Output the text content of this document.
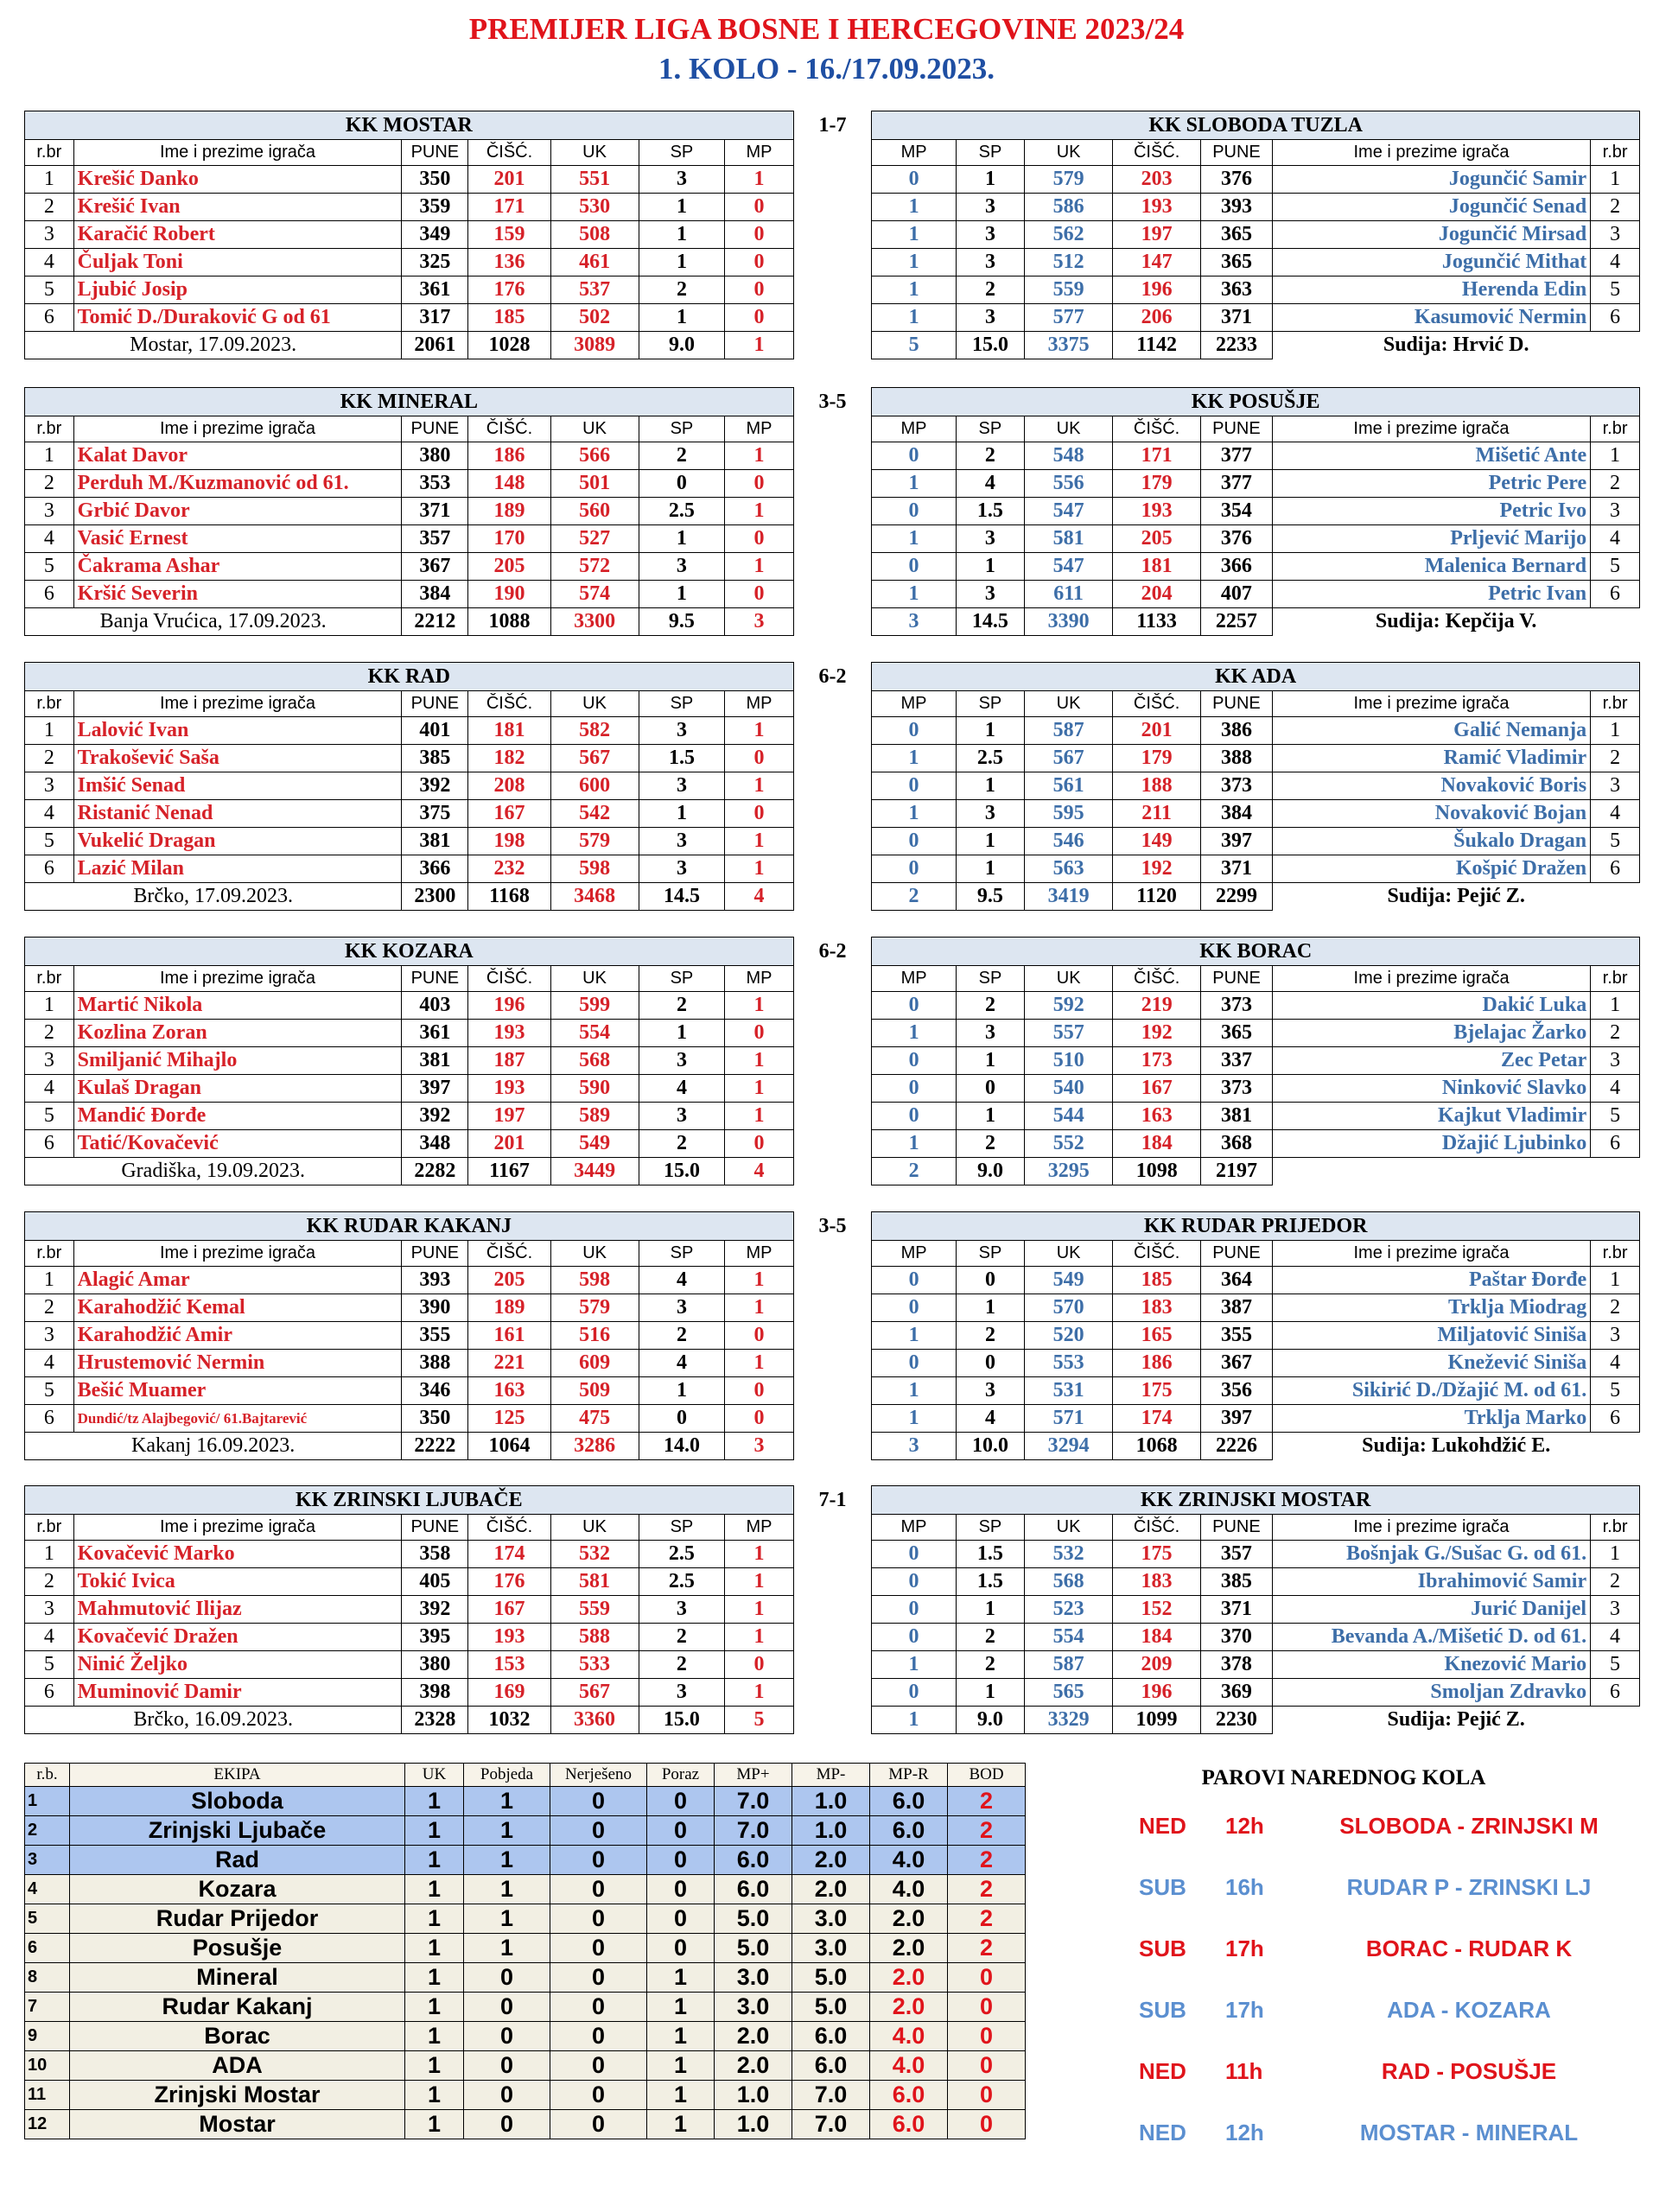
PREMIJER LIGA BOSNE I HERCEGOVINE 2023/24
1. KOLO - 16./17.09.2023.
KK MOSTAR							1-7	KK SLOBODA TUZLA						
r.br	Ime i prezime igrača	PUNE	ČIŠĆ.	UK	SP	MP		MP	SP	UK	ČIŠĆ.	PUNE	Ime i prezime igrača	r.br
1	Krešić Danko	350	201	551	3	1		0	1	579	203	376	Jogunčić Samir	1
2	Krešić Ivan	359	171	530	1	0		1	3	586	193	393	Jogunčić Senad	2
3	Karačić Robert	349	159	508	1	0		1	3	562	197	365	Jogunčić Mirsad	3
4	Čuljak Toni	325	136	461	1	0		1	3	512	147	365	Jogunčić Mithat	4
5	Ljubić Josip	361	176	537	2	0		1	2	559	196	363	Herenda Edin	5
6	Tomić D./Duraković G od 61	317	185	502	1	0		1	3	577	206	371	Kasumović Nermin	6
Mostar, 17.09.2023.		2061	1028	3089	9.0	1		5	15.0	3375	1142	2233	Sudija: Hrvić D.	
KK MINERAL							3-5	KK POSUŠJE						
r.br	Ime i prezime igrača	PUNE	ČIŠĆ.	UK	SP	MP		MP	SP	UK	ČIŠĆ.	PUNE	Ime i prezime igrača	r.br
1	Kalat Davor	380	186	566	2	1		0	2	548	171	377	Mišetić Ante	1
2	Perduh M./Kuzmanović od 61.	353	148	501	0	0		1	4	556	179	377	Petric Pere	2
3	Grbić Davor	371	189	560	2.5	1		0	1.5	547	193	354	Petric Ivo	3
4	Vasić Ernest	357	170	527	1	0		1	3	581	205	376	Prljević Marijo	4
5	Čakrama Ashar	367	205	572	3	1		0	1	547	181	366	Malenica Bernard	5
6	Kršić Severin	384	190	574	1	0		1	3	611	204	407	Petric Ivan	6
Banja Vrućica, 17.09.2023.		2212	1088	3300	9.5	3		3	14.5	3390	1133	2257	Sudija: Kepčija V.	
KK RAD							6-2	KK ADA						
r.br	Ime i prezime igrača	PUNE	ČIŠĆ.	UK	SP	MP		MP	SP	UK	ČIŠĆ.	PUNE	Ime i prezime igrača	r.br
1	Lalović Ivan	401	181	582	3	1		0	1	587	201	386	Galić Nemanja	1
2	Trakošević Saša	385	182	567	1.5	0		1	2.5	567	179	388	Ramić Vladimir	2
3	Imšić Senad	392	208	600	3	1		0	1	561	188	373	Novaković Boris	3
4	Ristanić Nenad	375	167	542	1	0		1	3	595	211	384	Novaković Bojan	4
5	Vukelić Dragan	381	198	579	3	1		0	1	546	149	397	Šukalo Dragan	5
6	Lazić Milan	366	232	598	3	1		0	1	563	192	371	Košpić Dražen	6
Brčko, 17.09.2023.		2300	1168	3468	14.5	4		2	9.5	3419	1120	2299	Sudija: Pejić Z.	
KK KOZARA							6-2	KK BORAC						
r.br	Ime i prezime igrača	PUNE	ČIŠĆ.	UK	SP	MP		MP	SP	UK	ČIŠĆ.	PUNE	Ime i prezime igrača	r.br
1	Martić Nikola	403	196	599	2	1		0	2	592	219	373	Dakić Luka	1
2	Kozlina Zoran	361	193	554	1	0		1	3	557	192	365	Bjelajac Žarko	2
3	Smiljanić Mihajlo	381	187	568	3	1		0	1	510	173	337	Zec Petar	3
4	Kulaš Dragan	397	193	590	4	1		0	0	540	167	373	Ninković Slavko	4
5	Mandić Đorđe	392	197	589	3	1		0	1	544	163	381	Kajkut Vladimir	5
6	Tatić/Kovačević	348	201	549	2	0		1	2	552	184	368	Džajić Ljubinko	6
Gradiška, 19.09.2023.		2282	1167	3449	15.0	4		2	9.0	3295	1098	2197		
KK RUDAR KAKANJ							3-5	KK RUDAR PRIJEDOR						
r.br	Ime i prezime igrača	PUNE	ČIŠĆ.	UK	SP	MP		MP	SP	UK	ČIŠĆ.	PUNE	Ime i prezime igrača	r.br
1	Alagić Amar	393	205	598	4	1		0	0	549	185	364	Paštar Đorđe	1
2	Karahodžić Kemal	390	189	579	3	1		0	1	570	183	387	Trklja Miodrag	2
3	Karahodžić Amir	355	161	516	2	0		1	2	520	165	355	Miljatović Siniša	3
4	Hrustemović Nermin	388	221	609	4	1		0	0	553	186	367	Knežević Siniša	4
5	Bešić Muamer	346	163	509	1	0		1	3	531	175	356	Sikirić D./Džajić M. od 61.	5
6	Dundić/tz Alajbegović/ 61.Bajtarević	350	125	475	0	0		1	4	571	174	397	Trklja Marko	6
Kakanj 16.09.2023.		2222	1064	3286	14.0	3		3	10.0	3294	1068	2226	Sudija: Lukohdžić E.	
KK ZRINSKI LJUBAČE							7-1	KK ZRINJSKI MOSTAR						
r.br	Ime i prezime igrača	PUNE	ČIŠĆ.	UK	SP	MP		MP	SP	UK	ČIŠĆ.	PUNE	Ime i prezime igrača	r.br
1	Kovačević Marko	358	174	532	2.5	1		0	1.5	532	175	357	Bošnjak G./Sušac G. od 61.	1
2	Tokić Ivica	405	176	581	2.5	1		0	1.5	568	183	385	Ibrahimović Samir	2
3	Mahmutović Ilijaz	392	167	559	3	1		0	1	523	152	371	Jurić Danijel	3
4	Kovačević Dražen	395	193	588	2	1		0	2	554	184	370	Bevanda A./Mišetić D. od 61.	4
5	Ninić Željko	380	153	533	2	0		1	2	587	209	378	Knezović Mario	5
6	Muminović Damir	398	169	567	3	1		0	1	565	196	369	Smoljan Zdravko	6
Brčko, 16.09.2023.		2328	1032	3360	15.0	5		1	9.0	3329	1099	2230	Sudija: Pejić Z.	
r.b.	EKIPA	UK	Pobjeda	Nerješeno	Poraz	MP+	MP-	MP-R	BOD
1	Sloboda	1	1	0	0	7.0	1.0	6.0	2
2	Zrinjski Ljubače	1	1	0	0	7.0	1.0	6.0	2
3	Rad	1	1	0	0	6.0	2.0	4.0	2
4	Kozara	1	1	0	0	6.0	2.0	4.0	2
5	Rudar Prijedor	1	1	0	0	5.0	3.0	2.0	2
6	Posušje	1	1	0	0	5.0	3.0	2.0	2
8	Mineral	1	0	0	1	3.0	5.0	2.0	0
7	Rudar Kakanj	1	0	0	1	3.0	5.0	2.0	0
9	Borac	1	0	0	1	2.0	6.0	4.0	0
10	ADA	1	0	0	1	2.0	6.0	4.0	0
11	Zrinjski Mostar	1	0	0	1	1.0	7.0	6.0	0
12	Mostar	1	0	0	1	1.0	7.0	6.0	0
PAROVI NAREDNOG KOLA
NED 12h	SLOBODA - ZRINJSKI M
SUB 16h	RUDAR P - ZRINSKI LJ
SUB 17h	BORAC - RUDAR K
SUB 17h	ADA - KOZARA
NED 11h	RAD - POSUŠJE
NED 12h	MOSTAR - MINERAL
